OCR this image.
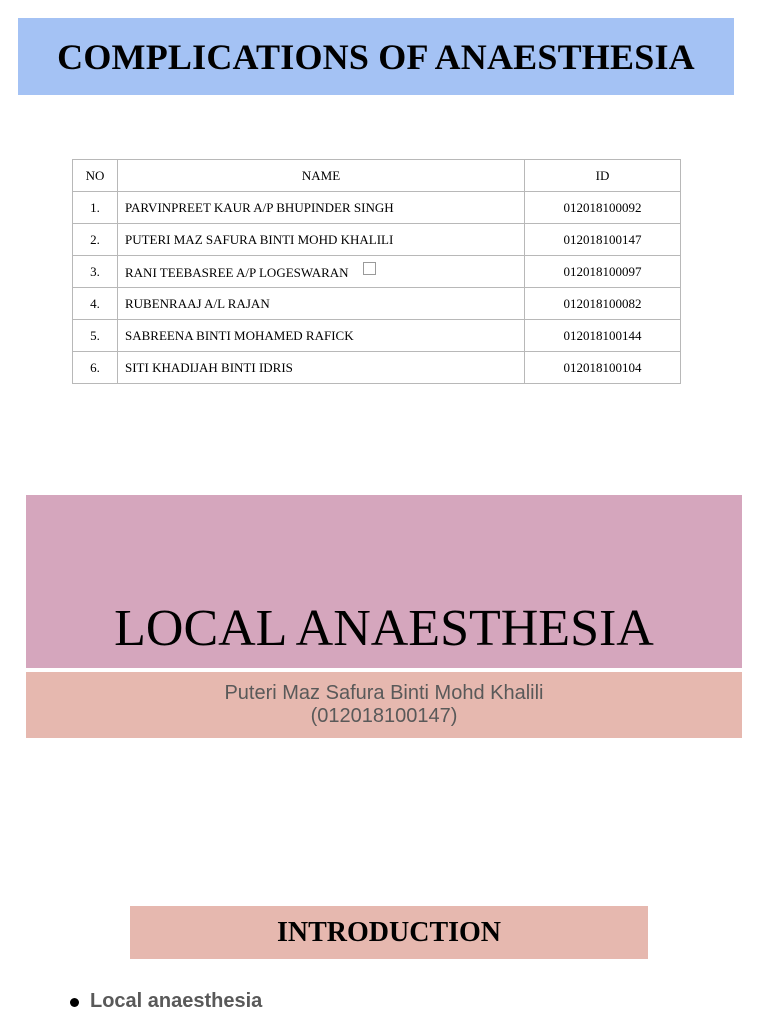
COMPLICATIONS OF ANAESTHESIA
NO	NAME	ID
1.	PARVINPREET KAUR A/P BHUPINDER SINGH	012018100092
2.	PUTERI MAZ SAFURA BINTI MOHD KHALILI	012018100147
3.	RANI TEEBASREE A/P LOGESWARAN	012018100097
4.	RUBENRAAJ A/L RAJAN	012018100082
5.	SABREENA BINTI MOHAMED RAFICK	012018100144
6.	SITI KHADIJAH BINTI IDRIS	012018100104
LOCAL ANAESTHESIA
Puteri Maz Safura Binti Mohd Khalili
(012018100147)
INTRODUCTION
Local anaesthesia
